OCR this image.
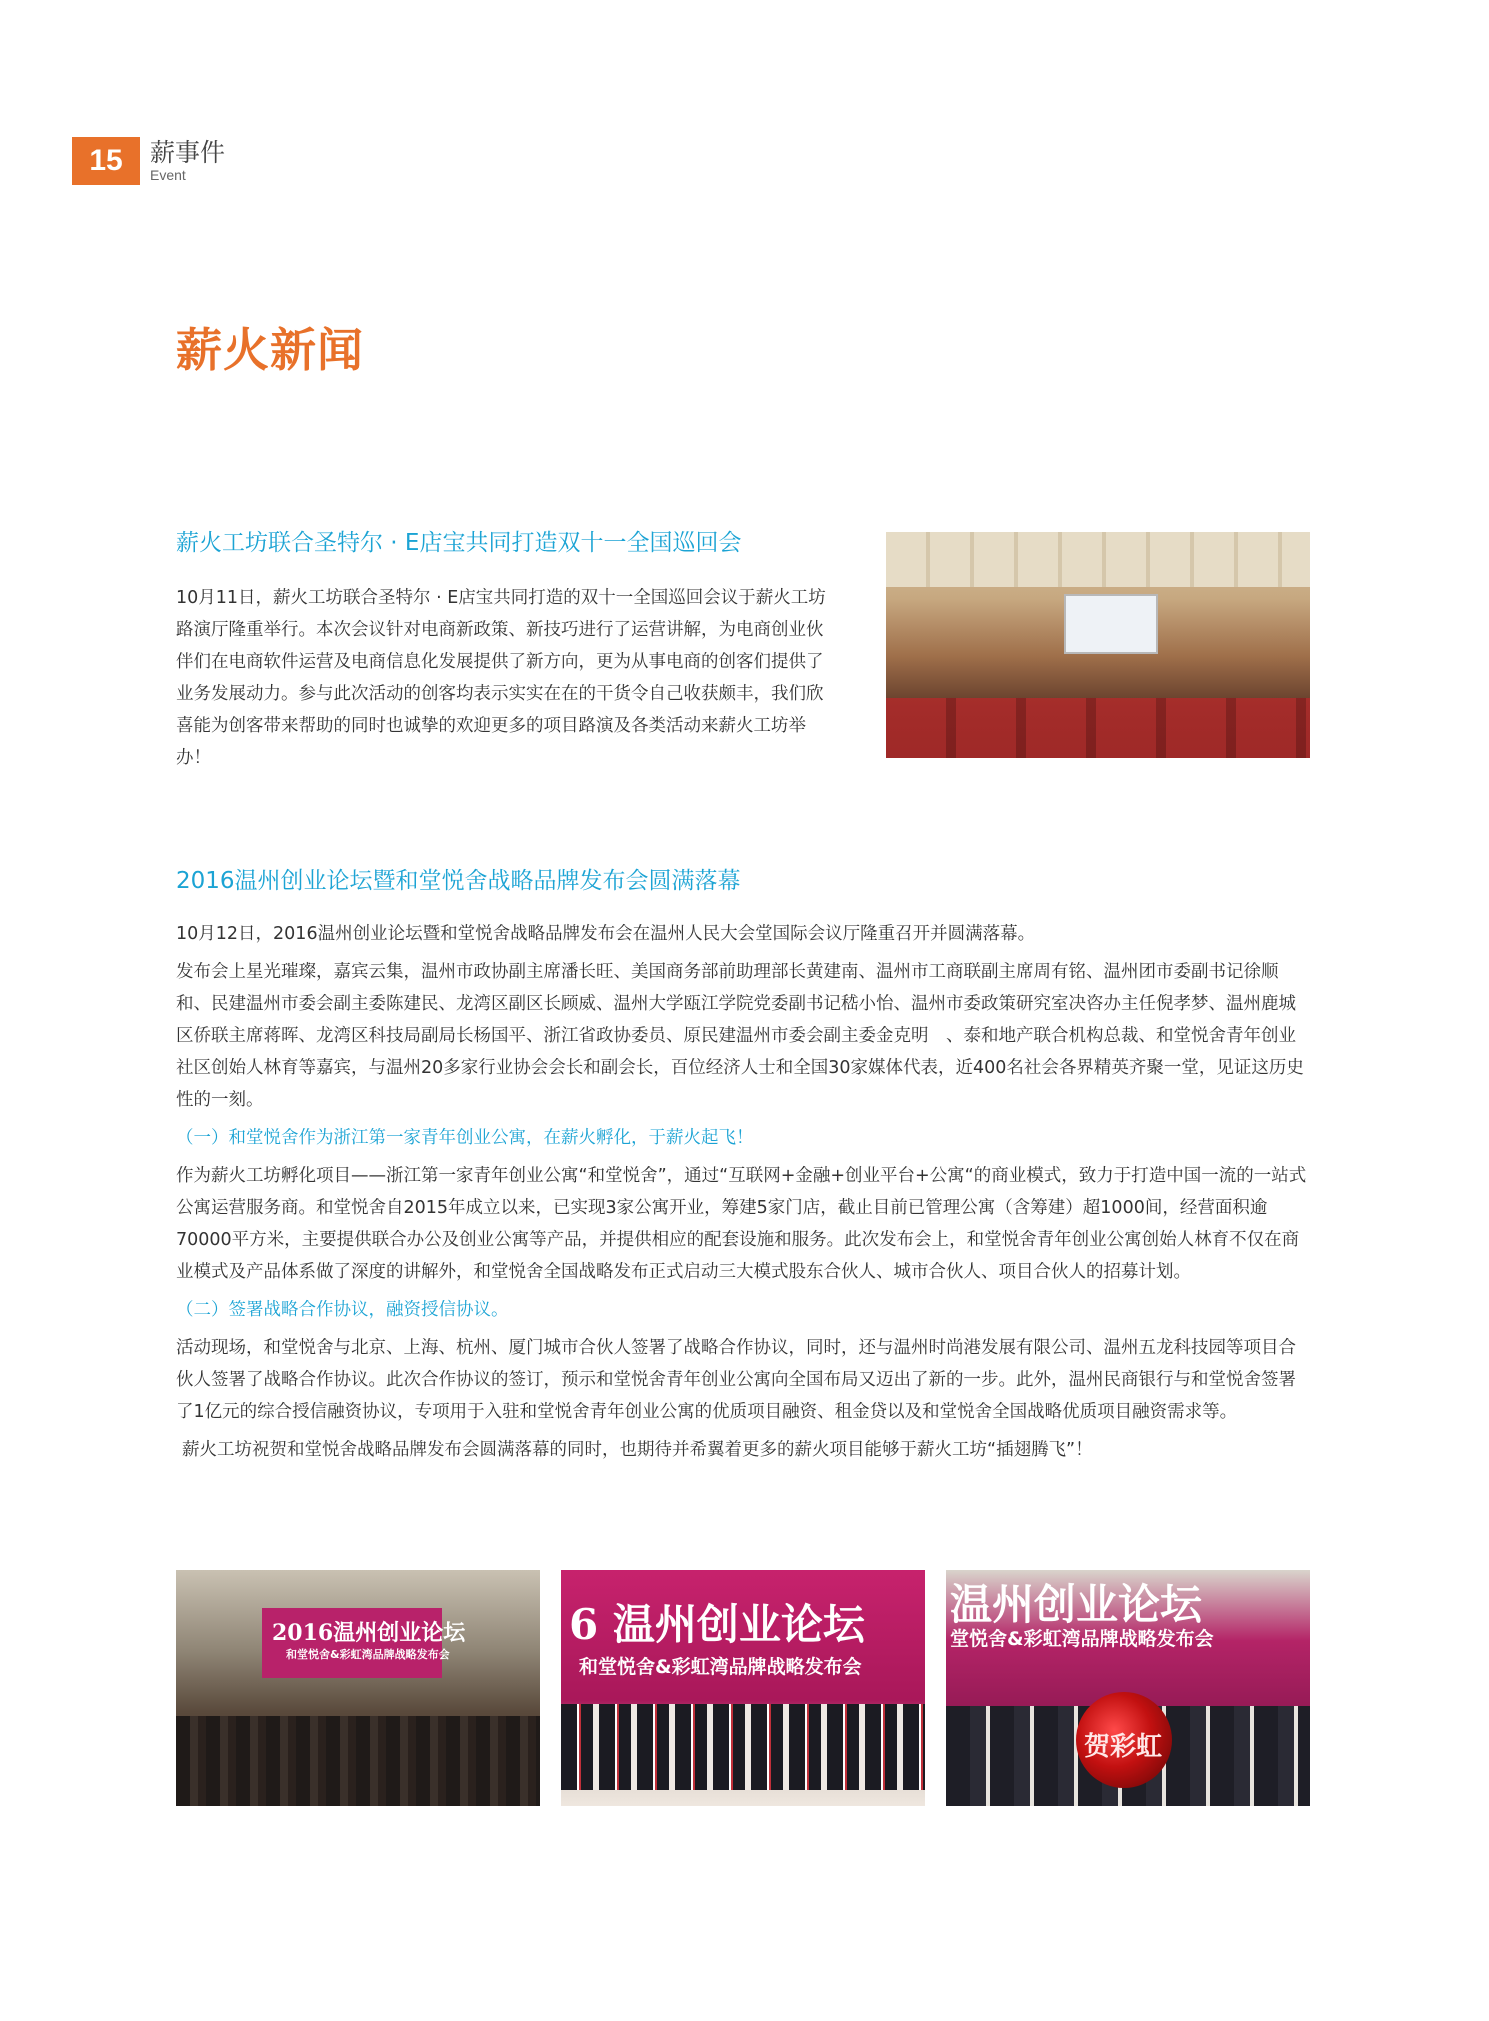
15	薪事件
Event
薪火新闻
薪火工坊联合圣特尔 · E店宝共同打造双十一全国巡回会

10月11日，薪火工坊联合圣特尔 · E店宝共同打造的双十一全国巡回会议于薪火工坊路演厅隆重举行。本次会议针对电商新政策、新技巧进行了运营讲解，为电商创业伙伴们在电商软件运营及电商信息化发展提供了新方向，更为从事电商的创客们提供了业务发展动力。参与此次活动的创客均表示实实在在的干货令自己收获颇丰，我们欣喜能为创客带来帮助的同时也诚挚的欢迎更多的项目路演及各类活动来薪火工坊举办！

2016温州创业论坛暨和堂悦舍战略品牌发布会圆满落幕

10月12日，2016温州创业论坛暨和堂悦舍战略品牌发布会在温州人民大会堂国际会议厅隆重召开并圆满落幕。

发布会上星光璀璨，嘉宾云集，温州市政协副主席潘长旺、美国商务部前助理部长黄建南、温州市工商联副主席周有铭、温州团市委副书记徐顺和、民建温州市委会副主委陈建民、龙湾区副区长顾威、温州大学瓯江学院党委副书记嵇小怡、温州市委政策研究室决咨办主任倪孝梦、温州鹿城区侨联主席蒋晖、龙湾区科技局副局长杨国平、浙江省政协委员、原民建温州市委会副主委金克明　、泰和地产联合机构总裁、和堂悦舍青年创业社区创始人林育等嘉宾，与温州20多家行业协会会长和副会长，百位经济人士和全国30家媒体代表，近400名社会各界精英齐聚一堂，见证这历史性的一刻。

（一）和堂悦舍作为浙江第一家青年创业公寓，在薪火孵化，于薪火起飞！

作为薪火工坊孵化项目——浙江第一家青年创业公寓“和堂悦舍”，通过“互联网+金融+创业平台+公寓“的商业模式，致力于打造中国一流的一站式公寓运营服务商。和堂悦舍自2015年成立以来，已实现3家公寓开业，筹建5家门店，截止目前已管理公寓（含筹建）超1000间，经营面积逾70000平方米，主要提供联合办公及创业公寓等产品，并提供相应的配套设施和服务。此次发布会上，和堂悦舍青年创业公寓创始人林育不仅在商业模式及产品体系做了深度的讲解外，和堂悦舍全国战略发布正式启动三大模式股东合伙人、城市合伙人、项目合伙人的招募计划。

（二）签署战略合作协议，融资授信协议。

活动现场，和堂悦舍与北京、上海、杭州、厦门城市合伙人签署了战略合作协议，同时，还与温州时尚港发展有限公司、温州五龙科技园等项目合伙人签署了战略合作协议。此次合作协议的签订，预示和堂悦舍青年创业公寓向全国布局又迈出了新的一步。此外，温州民商银行与和堂悦舍签署了1亿元的综合授信融资协议，专项用于入驻和堂悦舍青年创业公寓的优质项目融资、租金贷以及和堂悦舍全国战略优质项目融资需求等。

薪火工坊祝贺和堂悦舍战略品牌发布会圆满落幕的同时，也期待并希翼着更多的薪火项目能够于薪火工坊“插翅腾飞”！

2016温州创业论坛
和堂悦舍&彩虹湾品牌战略发布会
6 温州创业论坛
和堂悦舍&彩虹湾品牌战略发布会
温州创业论坛
堂悦舍&彩虹湾品牌战略发布会
贺彩虹
